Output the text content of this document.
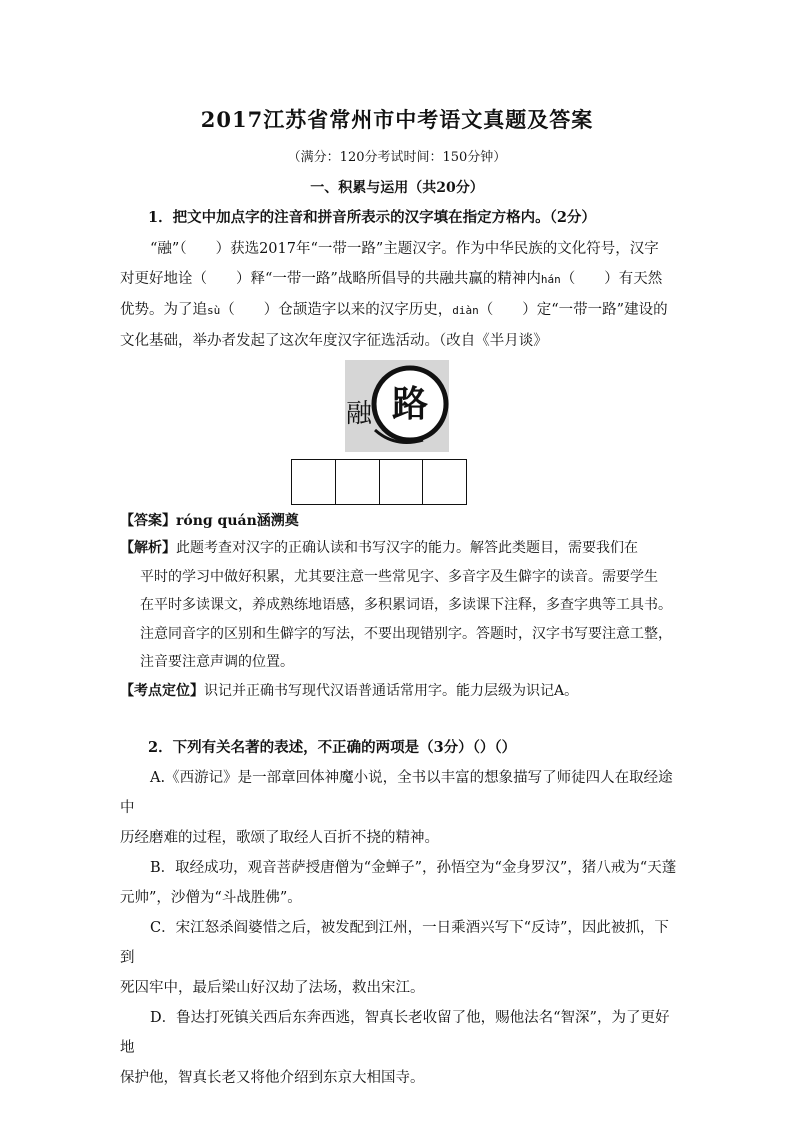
2017江苏省常州市中考语文真题及答案
（满分：120分考试时间：150分钟）
一、积累与运用（共20分）
1．把文中加点字的注音和拼音所表示的汉字填在指定方格内。（2分）
“融”（　　）获选2017年“一带一路”主题汉字。作为中华民族的文化符号，汉字
对更好地诠（　　）释“一带一路”战略所倡导的共融共赢的精神内hán（　　）有天然
优势。为了追sù（　　）仓颉造字以来的汉字历史，diàn（　　）定“一带一路”建设的
文化基础，举办者发起了这次年度汉字征选活动。（改自《半月谈》
路
融
【答案】rónɡ quán涵溯奠
【解析】此题考查对汉字的正确认读和书写汉字的能力。解答此类题目，需要我们在
平时的学习中做好积累，尤其要注意一些常见字、多音字及生僻字的读音。需要学生
在平时多读课文，养成熟练地语感，多积累词语，多读课下注释，多查字典等工具书。
注意同音字的区别和生僻字的写法，不要出现错别字。答题时，汉字书写要注意工整，
注音要注意声调的位置。
【考点定位】识记并正确书写现代汉语普通话常用字。能力层级为识记A。
2．下列有关名著的表述，不正确的两项是（3分）（）（）
A.《西游记》是一部章回体神魔小说，全书以丰富的想象描写了师徒四人在取经途中
历经磨难的过程，歌颂了取经人百折不挠的精神。
B．取经成功，观音菩萨授唐僧为“金蝉子”，孙悟空为“金身罗汉”，猪八戒为“天蓬
元帅”，沙僧为“斗战胜佛”。
C．宋江怒杀阎婆惜之后，被发配到江州，一日乘酒兴写下“反诗”，因此被抓，下到
死囚牢中，最后梁山好汉劫了法场，救出宋江。
D．鲁达打死镇关西后东奔西逃，智真长老收留了他，赐他法名“智深”，为了更好地
保护他，智真长老又将他介绍到东京大相国寺。
